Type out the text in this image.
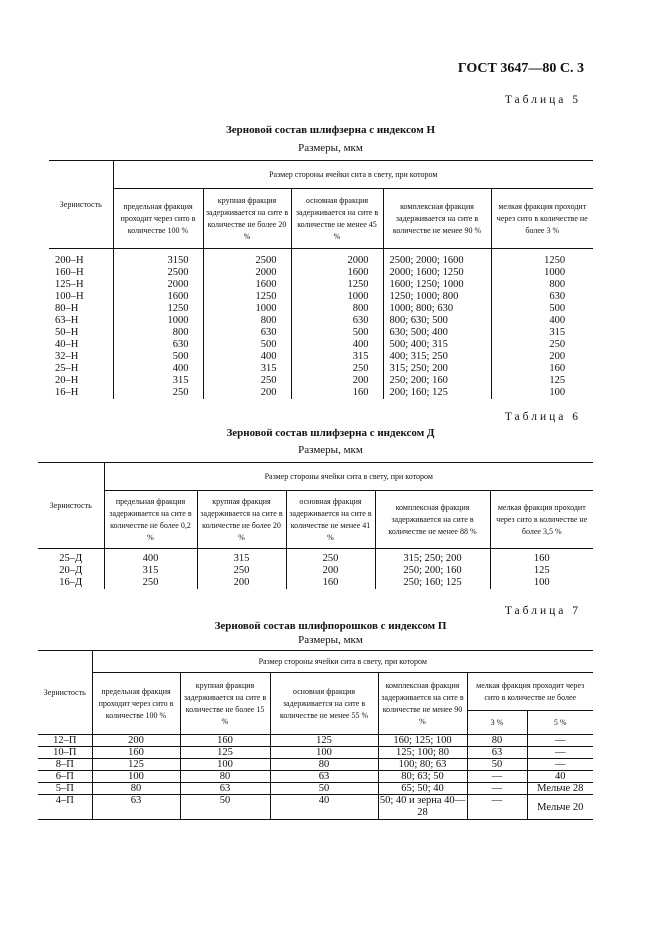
ГОСТ 3647—80 С. 3
Таблица 5
Зерновой состав шлифзерна с индексом Н
Размеры, мкм
Зернистость	Размер стороны ячейки сита в свету, при котором				
	предельная фракция проходит через сито в количестве 100 %	крупная фракция задерживается на сите в количестве не более 20 %	основная фракция задерживается на сите в количестве не менее 45 %	комплексная фракция задерживается на сите в количестве не менее 90 %	мелкая фракция проходит через сито в количестве не более 3 %
200–Н	3150	2500	2000	2500; 2000; 1600	1250
160–Н	2500	2000	1600	2000; 1600; 1250	1000
125–Н	2000	1600	1250	1600; 1250; 1000	800
100–Н	1600	1250	1000	1250; 1000; 800	630
80–Н	1250	1000	800	1000; 800; 630	500
63–Н	1000	800	630	800; 630; 500	400
50–Н	800	630	500	630; 500; 400	315
40–Н	630	500	400	500; 400; 315	250
32–Н	500	400	315	400; 315; 250	200
25–Н	400	315	250	315; 250; 200	160
20–Н	315	250	200	250; 200; 160	125
16–Н	250	200	160	200; 160; 125	100
Таблица 6
Зерновой состав шлифзерна с индексом Д
Размеры, мкм
Зернистость	Размер стороны ячейки сита в свету, при котором				
	предельная фракция задерживается на сите в количестве не более 0,2 %	крупная фракция задерживается на сите в количестве не более 20 %	основная фракция задерживается на сите в количестве не менее 41 %	комплексная фракция задерживается на сите в количестве не менее 88 %	мелкая фракция проходит через сито в количестве не более 3,5 %
25–Д	400	315	250	315; 250; 200	160
20–Д	315	250	200	250; 200; 160	125
16–Д	250	200	160	250; 160; 125	100
Таблица 7
Зерновой состав шлифпорошков с индексом П
Размеры, мкм
Зернистость	Размер стороны ячейки сита в свету, при котором					
	предельная фракция проходит через сито в количестве 100 %	крупная фракция задерживается на сите в количестве не более 15 %	основная фракция задерживается на сите в количестве не менее 55 %	комплексная фракция задерживается на сите в количестве не менее 90 %	мелкая фракция проходит через сито в количестве не более	
					3 %	5 %
12–П	200	160	125	160; 125; 100	80	—
10–П	160	125	100	125; 100; 80	63	—
8–П	125	100	80	100; 80; 63	50	—
6–П	100	80	63	80; 63; 50	—	40
5–П	80	63	50	65; 50; 40	—	Мельче 28
4–П	63	50	40	50; 40 и зерна 40—28	—	Мельче 20
